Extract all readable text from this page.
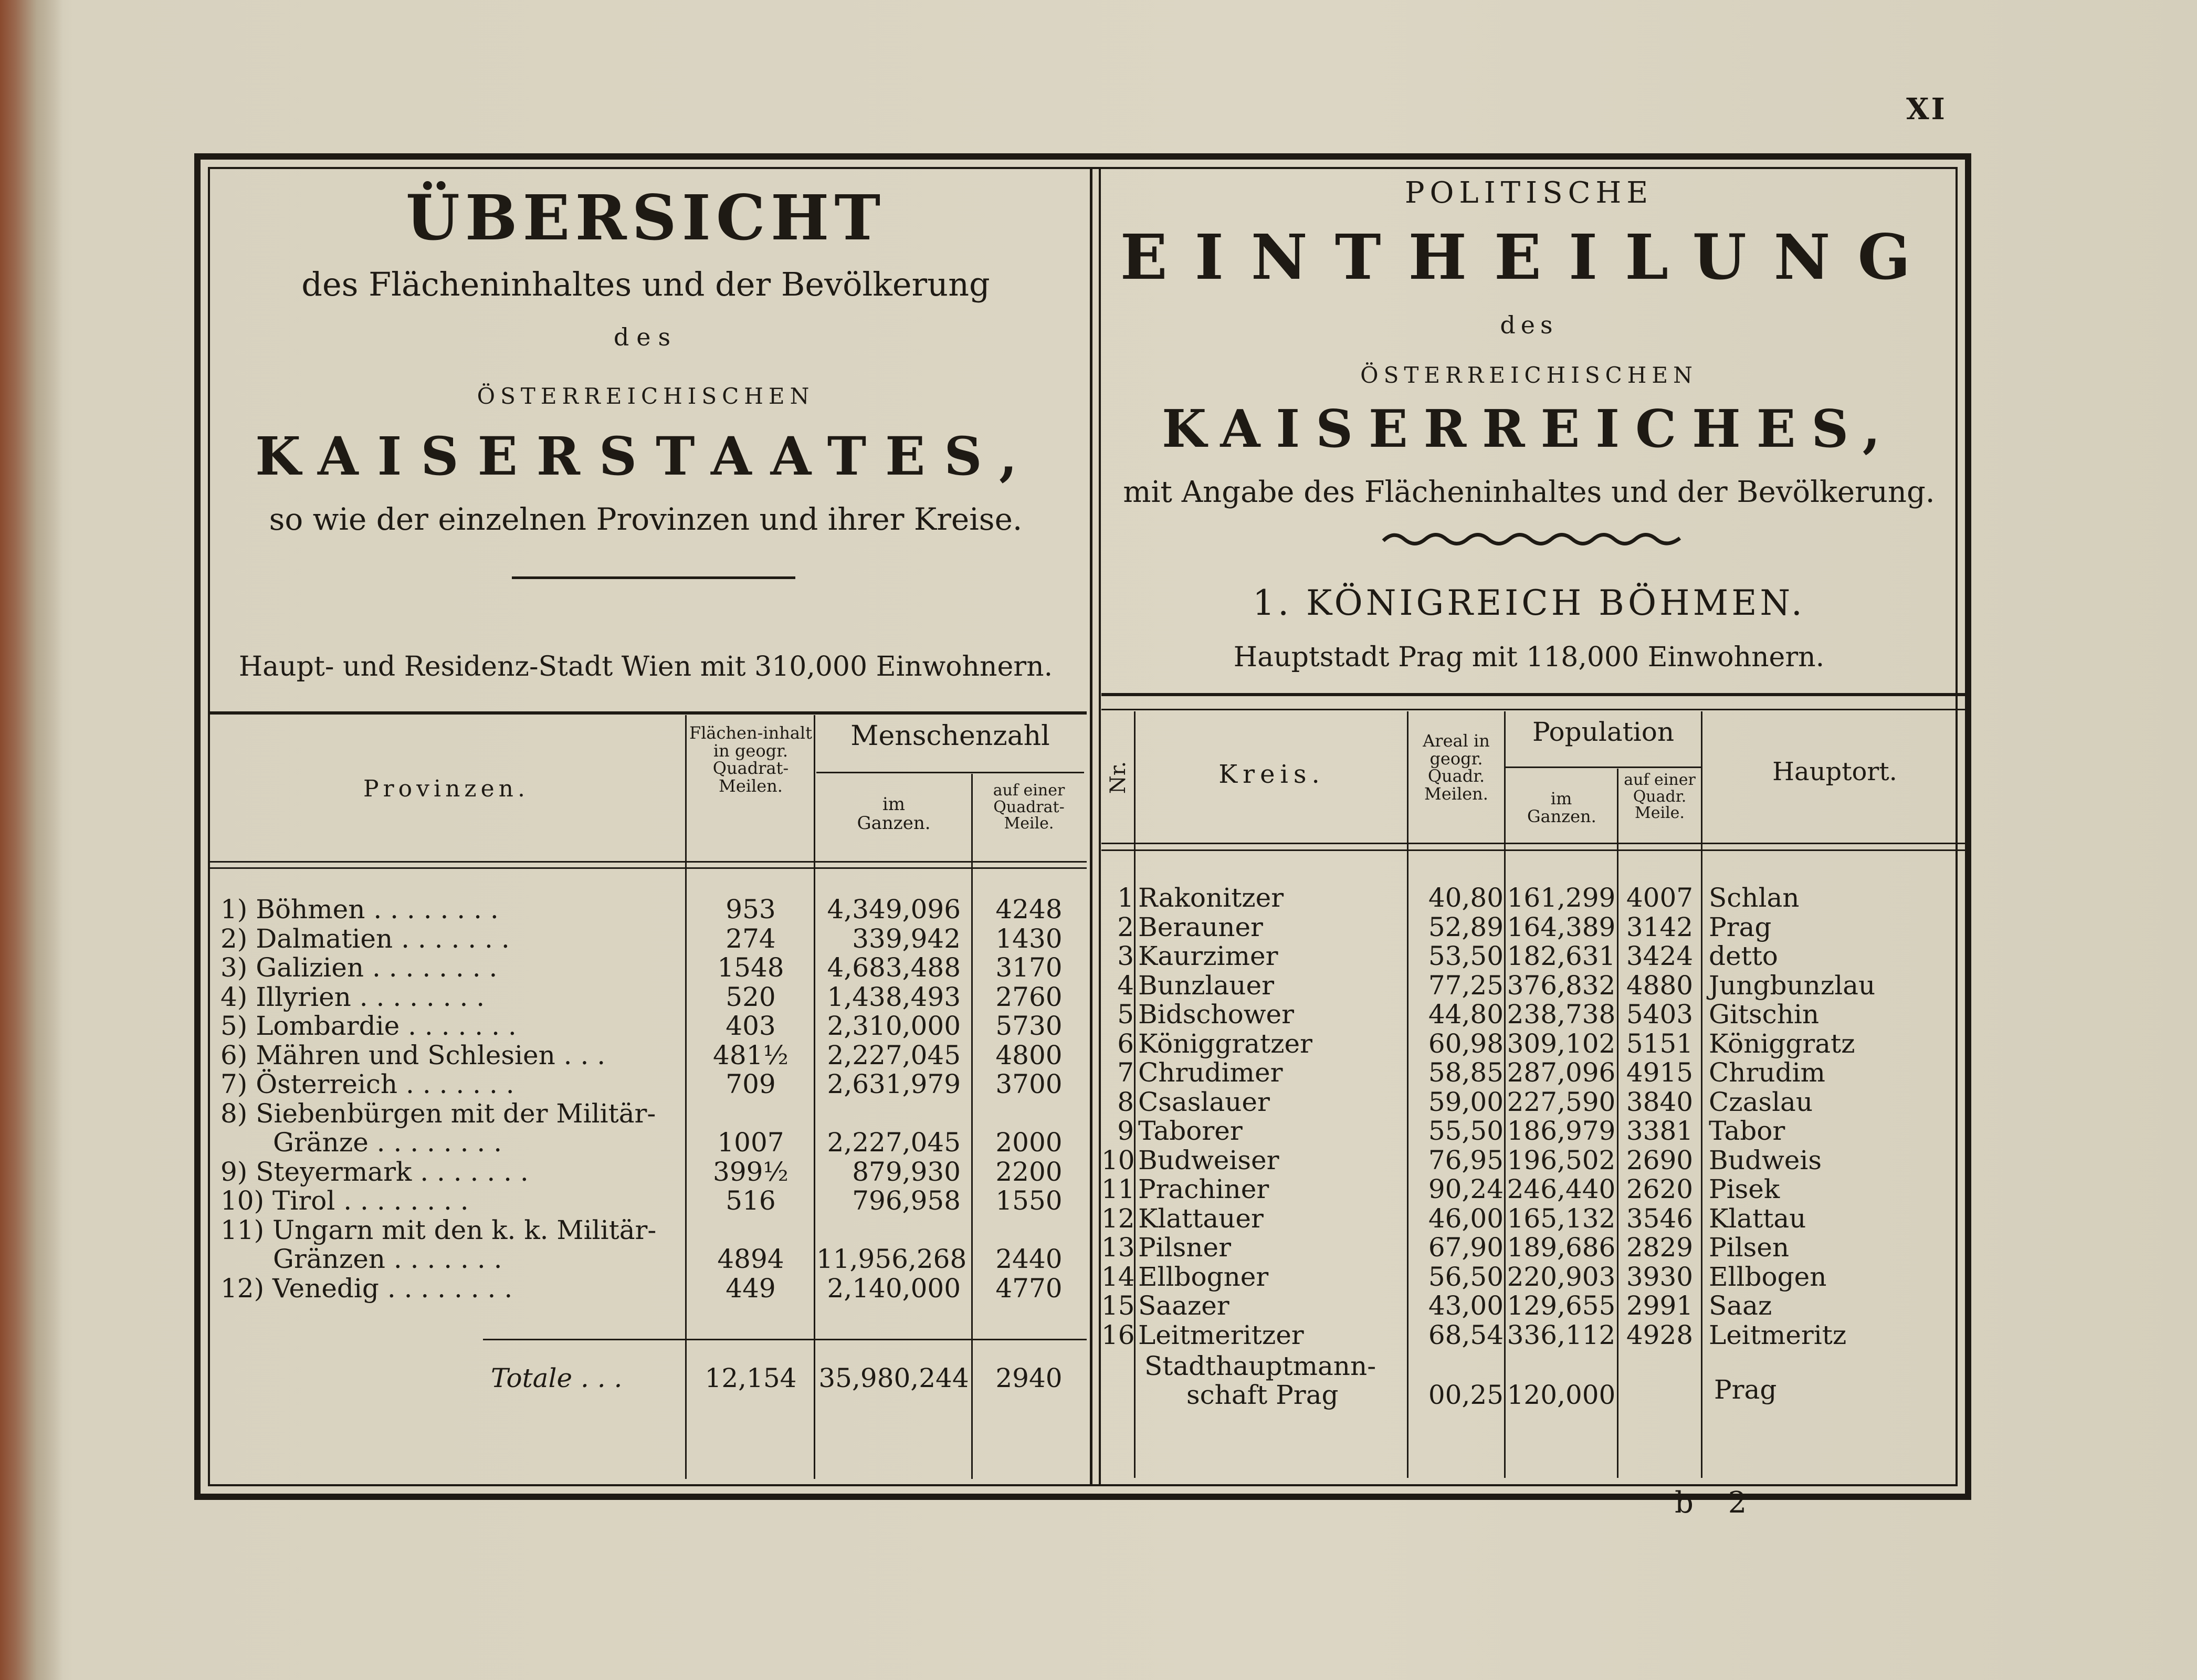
XI
ÜBERSICHT
des Flächeninhaltes und der Bevölkerung
des
ÖSTERREICHISCHEN
KAISERSTAATES,
so wie der einzelnen Provinzen und ihrer Kreise.
Haupt- und Residenz-Stadt Wien mit 310,000 Einwohnern.
Provinzen.
Flächen-inhalt in geogr. Quadrat-Meilen.
Menschenzahl
im Ganzen.
auf einer Quadrat-Meile.
1) Böhmen . . . . . . . .	953	4,349,096	4248
2) Dalmatien . . . . . . .	274	339,942	1430
3) Galizien . . . . . . . .	1548	4,683,488	3170
4) Illyrien . . . . . . . .	520	1,438,493	2760
5) Lombardie . . . . . . .	403	2,310,000	5730
6) Mähren und Schlesien . . .	481½	2,227,045	4800
7) Österreich . . . . . . .	709	2,631,979	3700
8) Siebenbürgen mit der Militär-
Gränze . . . . . . . .	1007	2,227,045	2000
9) Steyermark . . . . . . .	399½	879,930	2200
10) Tirol . . . . . . . .	516	796,958	1550
11) Ungarn mit den k. k. Militär-
Gränzen . . . . . . .	4894	11,956,268	2440
12) Venedig . . . . . . . .	449	2,140,000	4770
Totale . . .	12,154 35,980,244	2940
POLITISCHE
EINTHEILUNG
des
ÖSTERREICHISCHEN
KAISERREICHES,
mit Angabe des Flächeninhaltes und der Bevölkerung.
1. KÖNIGREICH BÖHMEN.
Hauptstadt Prag mit 118,000 Einwohnern.
Nr.	Kreis.
Areal in geogr. Quadr. Meilen.
Population
im Ganzen.
auf einer Quadr. Meile.
Hauptort.
1 Rakonitzer	40,80 161,299 4007 Schlan
2 Berauner	52,89 164,389 3142 Prag
3 Kaurzimer	53,50 182,631 3424 detto
4 Bunzlauer	77,25 376,832 4880 Jungbunzlau
5 Bidschower	44,80 238,738 5403 Gitschin
6 Königgratzer	60,98 309,102 5151 Königgratz
7 Chrudimer	58,85 287,096 4915 Chrudim
8 Csaslauer	59,00 227,590 3840 Czaslau
9 Taborer	55,50 186,979 3381 Tabor
10 Budweiser	76,95 196,502 2690 Budweis
11 Prachiner	90,24 246,440 2620 Pisek
12 Klattauer	46,00 165,132 3546 Klattau
13 Pilsner	67,90 189,686 2829 Pilsen
14 Ellbogner	56,50 220,903 3930 Ellbogen
15 Saazer	43,00 129,655 2991 Saaz
16 Leitmeritzer	68,54 336,112 4928 Leitmeritz
Stadthauptmann-
schaft Prag	00,25 120,000	Prag
b 2
